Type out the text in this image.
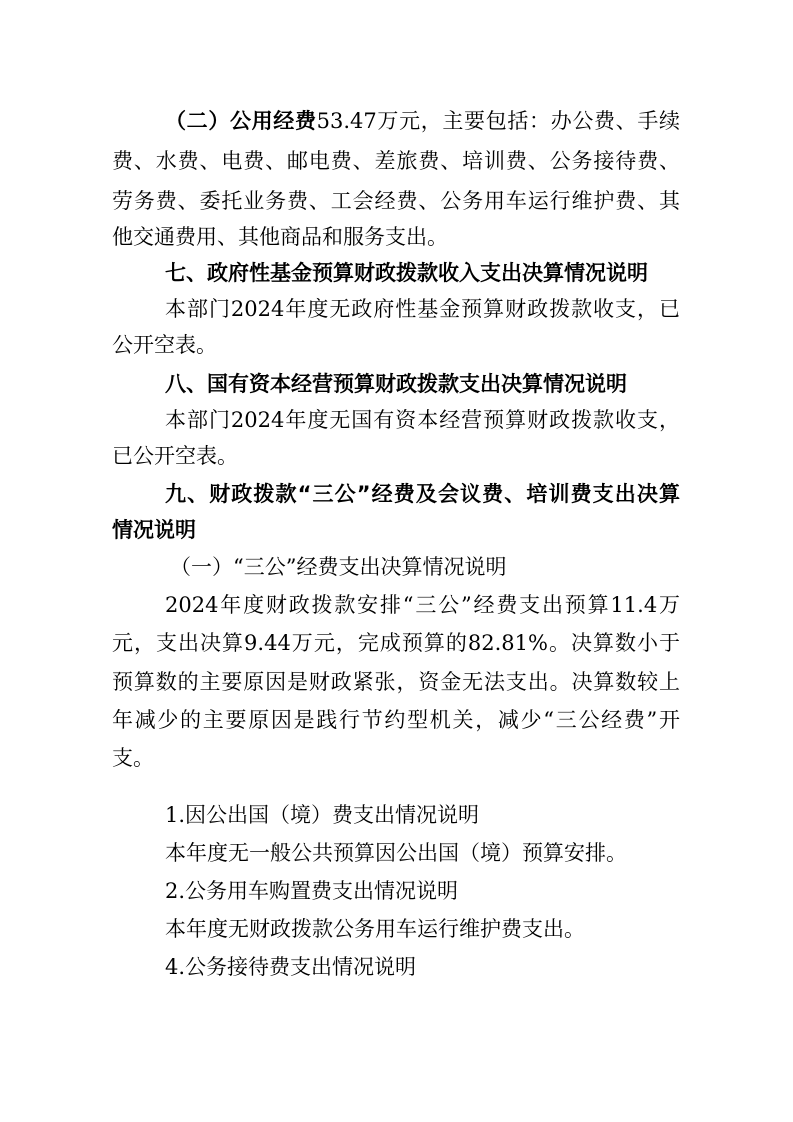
（二）公用经费53.47万元，主要包括：办公费、手续
费、水费、电费、邮电费、差旅费、培训费、公务接待费、
劳务费、委托业务费、工会经费、公务用车运行维护费、其
他交通费用、其他商品和服务支出。
七、政府性基金预算财政拨款收入支出决算情况说明
本部门2024年度无政府性基金预算财政拨款收支，已
公开空表。
八、国有资本经营预算财政拨款支出决算情况说明
本部门2024年度无国有资本经营预算财政拨款收支，
已公开空表。
九、财政拨款“三公”经费及会议费、培训费支出决算
情况说明
（一）“三公”经费支出决算情况说明
2024年度财政拨款安排“三公”经费支出预算11.4万
元，支出决算9.44万元，完成预算的82.81%。决算数小于
预算数的主要原因是财政紧张，资金无法支出。决算数较上
年减少的主要原因是践行节约型机关，减少“三公经费”开
支。
1.因公出国（境）费支出情况说明
本年度无一般公共预算因公出国（境）预算安排。
2.公务用车购置费支出情况说明
本年度无财政拨款公务用车运行维护费支出。
4.公务接待费支出情况说明
